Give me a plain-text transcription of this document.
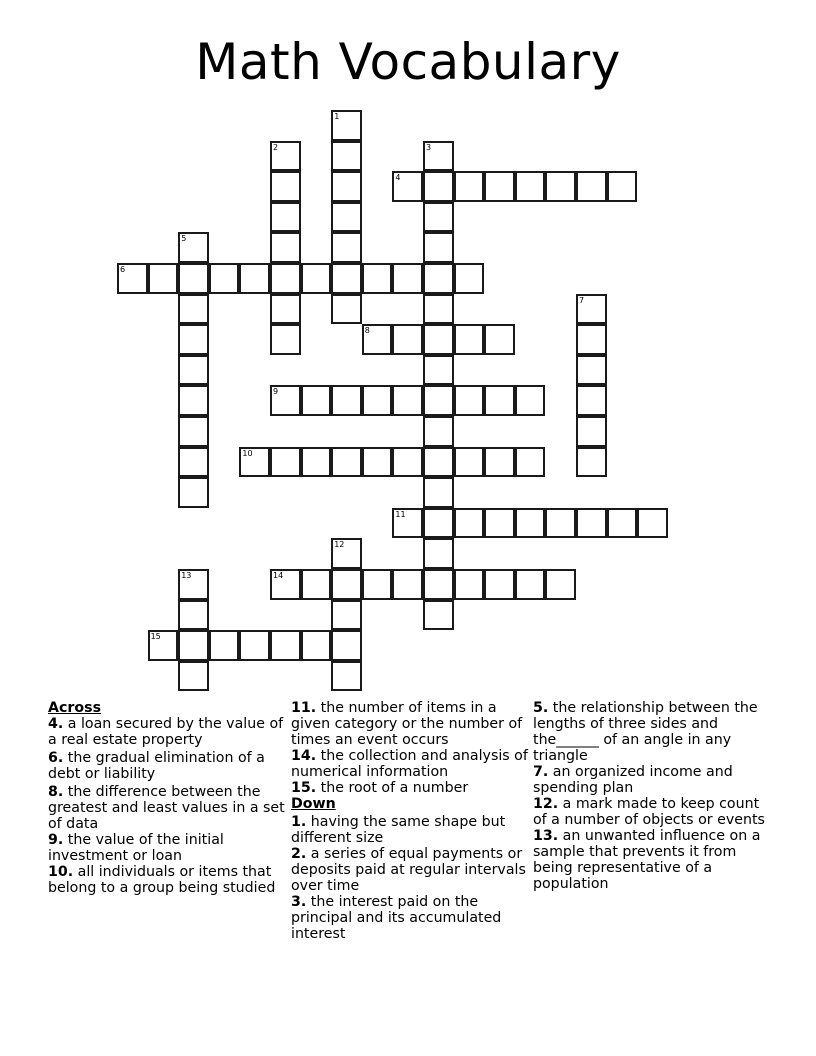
Math Vocabulary
1
2	3
4
5
6
7
8
9
10
11
12
13	14
15
Across
4. a loan secured by the value of a real estate property
6. the gradual elimination of a debt or liability
8. the difference between the greatest and least values in a set of data
9. the value of the initial investment or loan
10. all individuals or items that belong to a group being studied
11. the number of items in a given category or the number of times an event occurs
14. the collection and analysis of numerical information
15. the root of a number
Down
1. having the same shape but different size
2. a series of equal payments or deposits paid at regular intervals over time
3. the interest paid on the principal and its accumulated interest
5. the relationship between the lengths of three sides and the______ of an angle in any triangle
7. an organized income and spending plan
12. a mark made to keep count of a number of objects or events
13. an unwanted influence on a sample that prevents it from being representative of a population
